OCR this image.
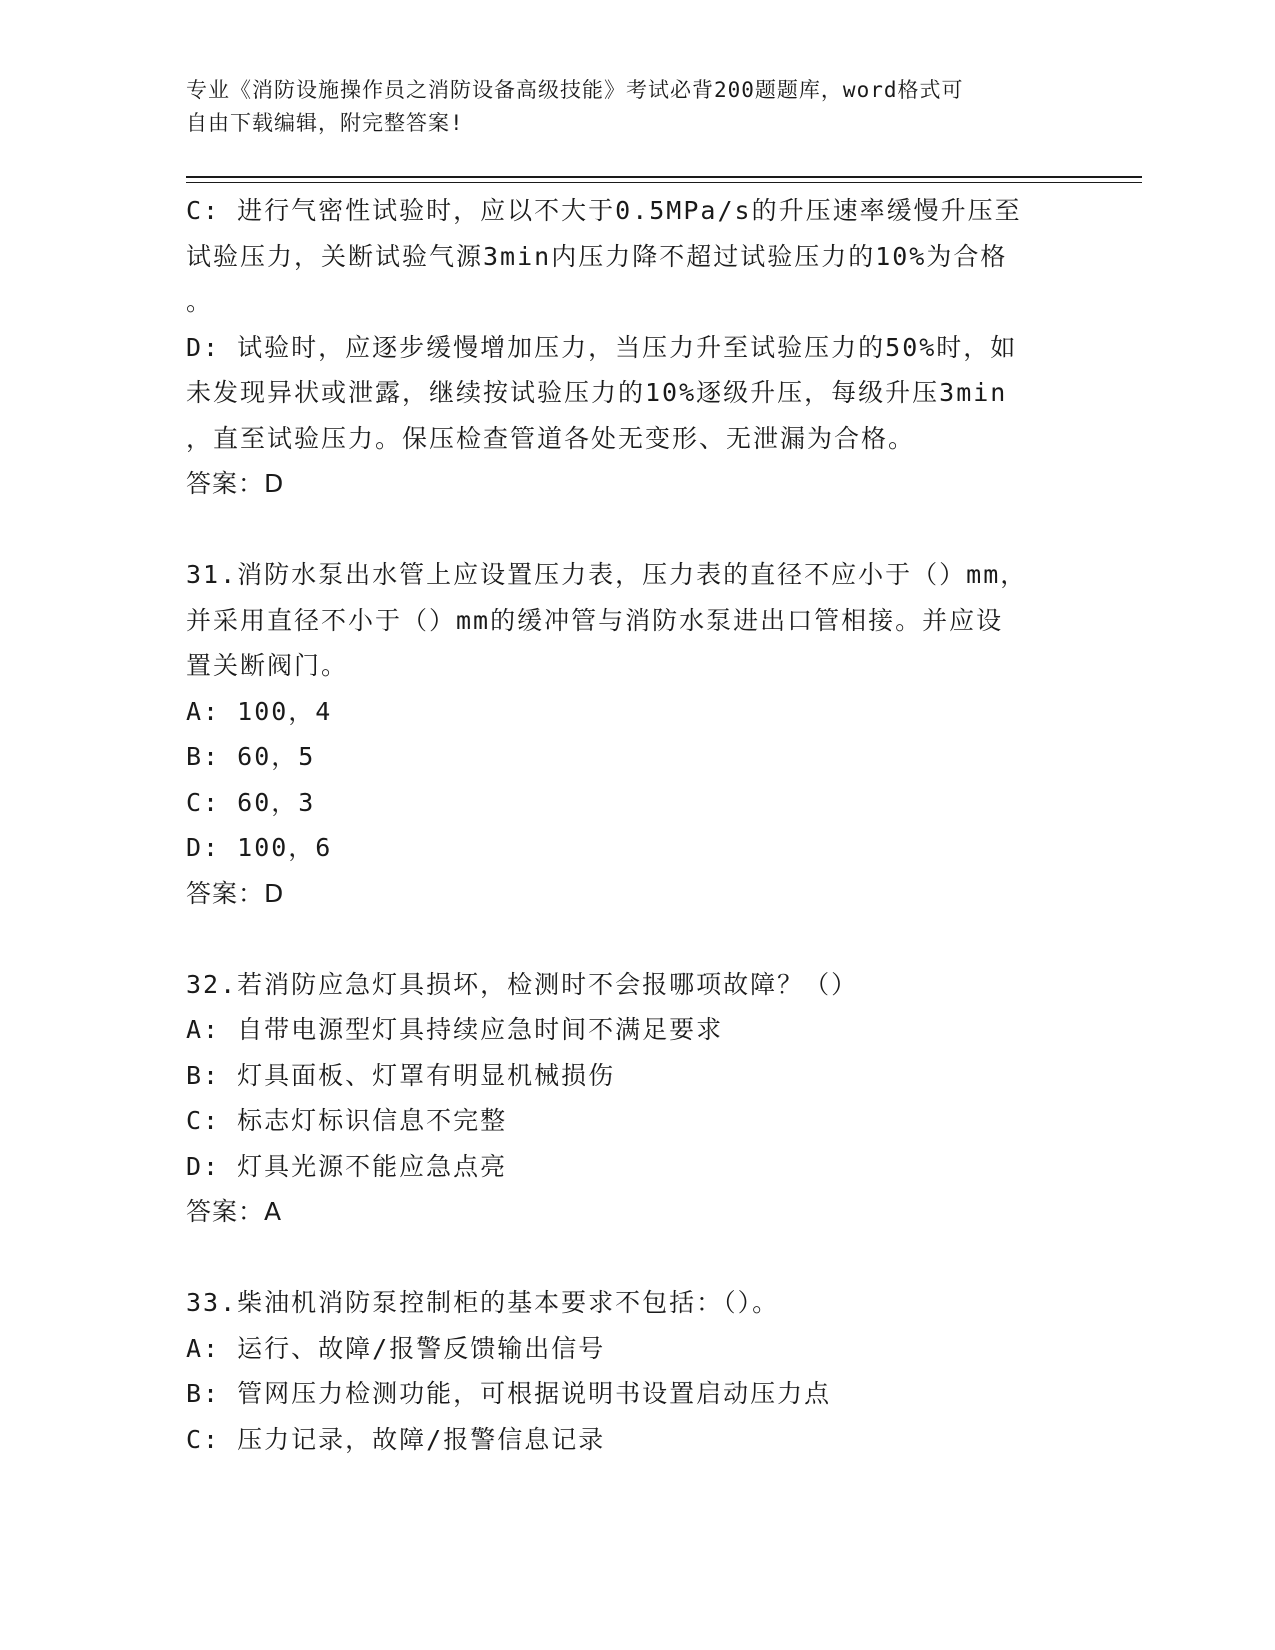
专业《消防设施操作员之消防设备高级技能》考试必背200题题库，word格式可
自由下载编辑，附完整答案!
C: 进行气密性试验时，应以不大于0.5MPa/s的升压速率缓慢升压至
试验压力，关断试验气源3min内压力降不超过试验压力的10%为合格
。
D: 试验时，应逐步缓慢增加压力，当压力升至试验压力的50%时，如
未发现异状或泄露，继续按试验压力的10%逐级升压，每级升压3min
，直至试验压力。保压检查管道各处无变形、无泄漏为合格。
答案：D
31.消防水泵出水管上应设置压力表，压力表的直径不应小于（）mm，
并采用直径不小于（）mm的缓冲管与消防水泵进出口管相接。并应设
置关断阀门。
A: 100，4
B: 60，5
C: 60，3
D: 100，6
答案：D
32.若消防应急灯具损坏，检测时不会报哪项故障？（）
A: 自带电源型灯具持续应急时间不满足要求
B: 灯具面板、灯罩有明显机械损伤
C: 标志灯标识信息不完整
D: 灯具光源不能应急点亮
答案：A
33.柴油机消防泵控制柜的基本要求不包括：（）。
A: 运行、故障/报警反馈输出信号
B: 管网压力检测功能，可根据说明书设置启动压力点
C: 压力记录，故障/报警信息记录
